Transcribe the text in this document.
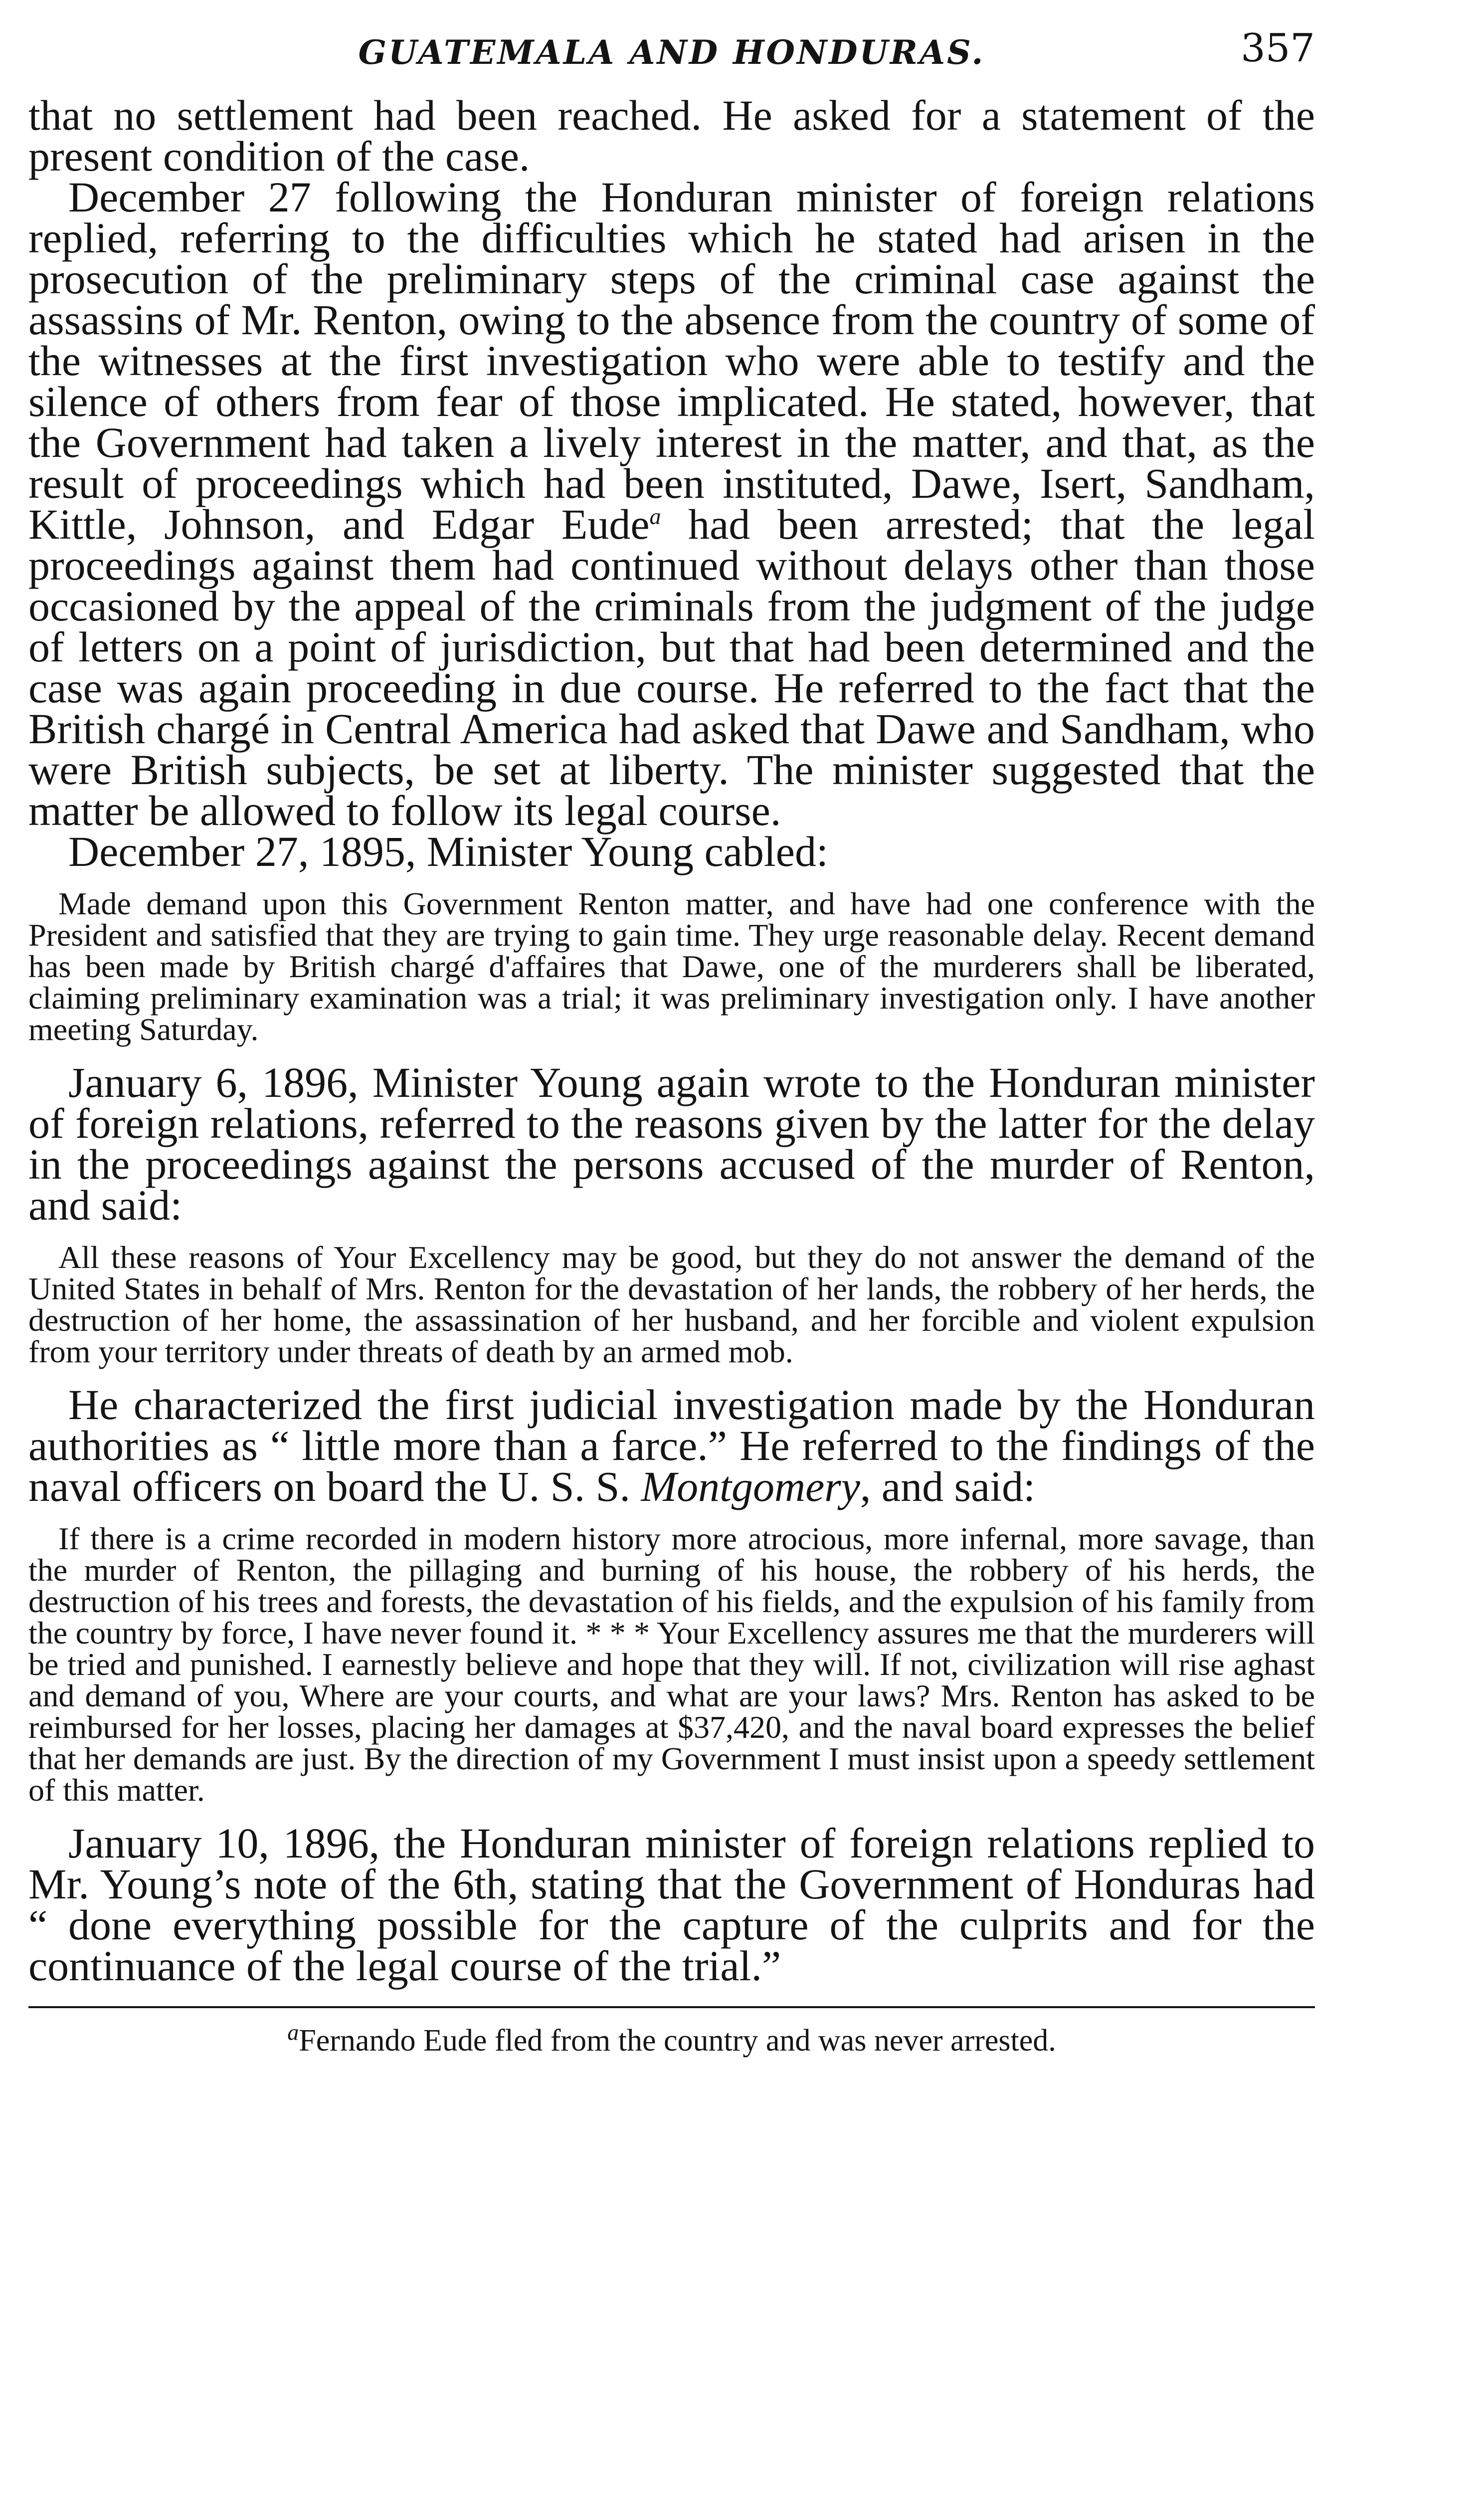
GUATEMALA AND HONDURAS.	357

that no settlement had been reached. He asked for a statement of the present condition of the case.

December 27 following the Honduran minister of foreign relations replied, referring to the difficulties which he stated had arisen in the prosecution of the preliminary steps of the criminal case against the assassins of Mr. Renton, owing to the absence from the country of some of the witnesses at the first investigation who were able to testify and the silence of others from fear of those implicated. He stated, however, that the Government had taken a lively interest in the matter, and that, as the result of proceedings which had been instituted, Dawe, Isert, Sandham, Kittle, Johnson, and Edgar Eude$^a$ had been arrested; that the legal proceedings against them had continued without delays other than those occasioned by the appeal of the criminals from the judgment of the judge of letters on a point of jurisdiction, but that had been determined and the case was again proceeding in due course. He referred to the fact that the British chargé in Central America had asked that Dawe and Sandham, who were British subjects, be set at liberty. The minister suggested that the matter be allowed to follow its legal course.

December 27, 1895, Minister Young cabled:

Made demand upon this Government Renton matter, and have had one conference with the President and satisfied that they are trying to gain time. They urge reasonable delay. Recent demand has been made by British chargé d'affaires that Dawe, one of the murderers shall be liberated, claiming preliminary examination was a trial; it was preliminary investigation only. I have another meeting Saturday.

January 6, 1896, Minister Young again wrote to the Honduran minister of foreign relations, referred to the reasons given by the latter for the delay in the proceedings against the persons accused of the murder of Renton, and said:

All these reasons of Your Excellency may be good, but they do not answer the demand of the United States in behalf of Mrs. Renton for the devastation of her lands, the robbery of her herds, the destruction of her home, the assassination of her husband, and her forcible and violent expulsion from your territory under threats of death by an armed mob.

He characterized the first judicial investigation made by the Honduran authorities as “ little more than a farce.” He referred to the findings of the naval officers on board the U. S. S. Montgomery, and said:

If there is a crime recorded in modern history more atrocious, more infernal, more savage, than the murder of Renton, the pillaging and burning of his house, the robbery of his herds, the destruction of his trees and forests, the devastation of his fields, and the expulsion of his family from the country by force, I have never found it. * * * Your Excellency assures me that the murderers will be tried and punished. I earnestly believe and hope that they will. If not, civilization will rise aghast and demand of you, Where are your courts, and what are your laws? Mrs. Renton has asked to be reimbursed for her losses, placing her damages at $37,420, and the naval board expresses the belief that her demands are just. By the direction of my Government I must insist upon a speedy settlement of this matter.

January 10, 1896, the Honduran minister of foreign relations replied to Mr. Young’s note of the 6th, stating that the Government of Honduras had “ done everything possible for the capture of the culprits and for the continuance of the legal course of the trial.”

$^a$Fernando Eude fled from the country and was never arrested.
